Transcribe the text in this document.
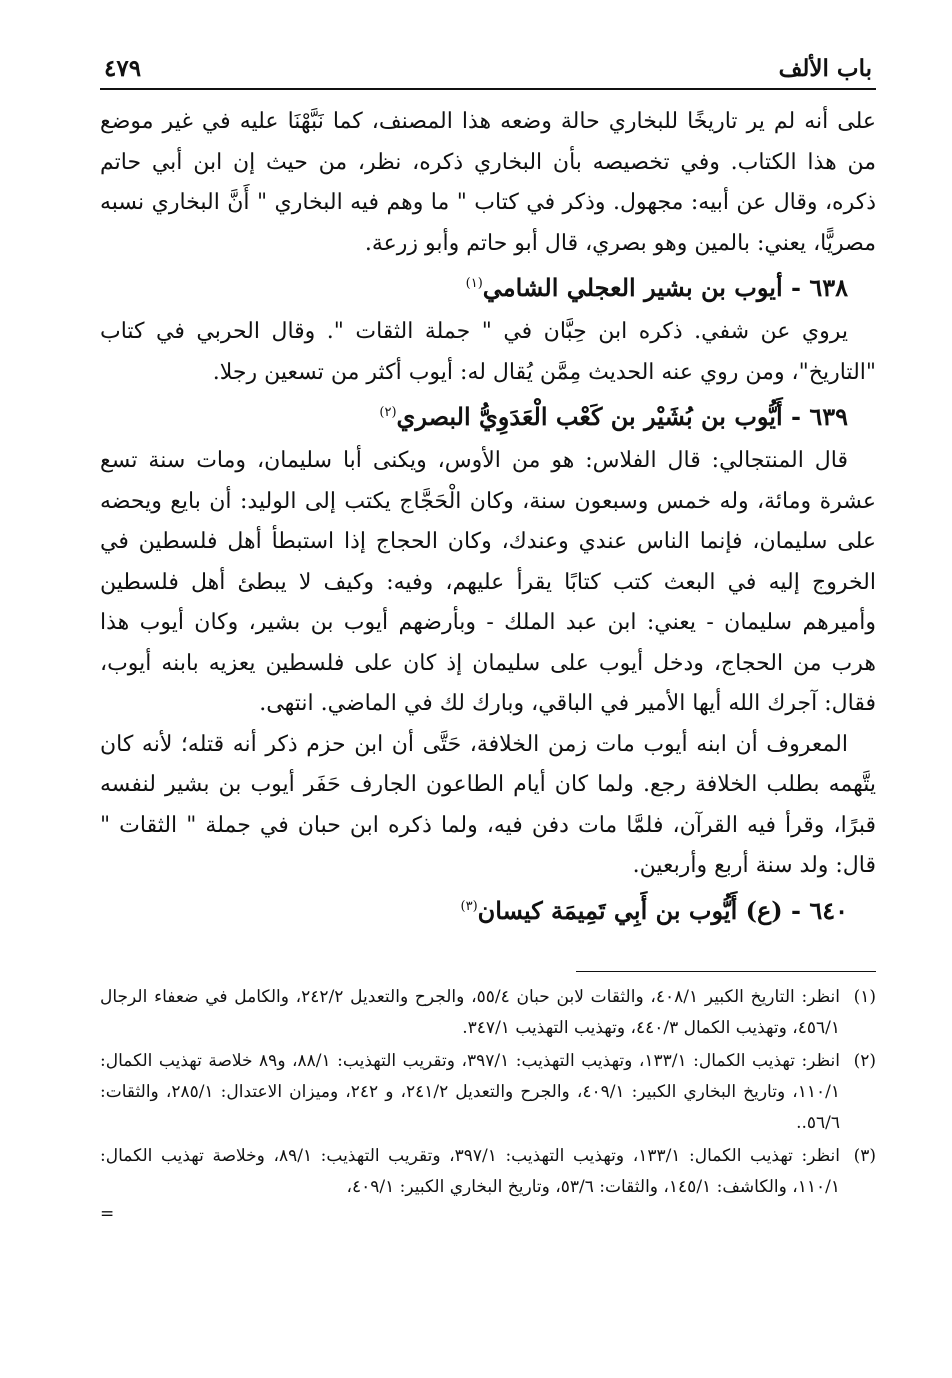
باب الألف
٤٧٩

على أنه لم ير تاريخًا للبخاري حالة وضعه هذا المصنف، كما نَبَّهْنَا عليه في غير موضع من هذا الكتاب. وفي تخصيصه بأن البخاري ذكره، نظر، من حيث إن ابن أبي حاتم ذكره، وقال عن أبيه: مجهول. وذكر في كتاب " ما وهم فيه البخاري " أَنَّ البخاري نسبه مصريًّا، يعني: بالمين وهو بصري، قال أبو حاتم وأبو زرعة.

٦٣٨ - أيوب بن بشير العجلي الشامي$^{(١)}$

يروي عن شفي. ذكره ابن حِبَّان في " جملة الثقات ". وقال الحربي في كتاب "التاريخ"، ومن روي عنه الحديث مِمَّن يُقال له: أيوب أكثر من تسعين رجلا.

٦٣٩ - أَيُّوب بن بُشَيْر بن كَعْب الْعَدَوِيُّ البصري$^{(٢)}$

قال المنتجالي: قال الفلاس: هو من الأوس، ويكنى أبا سليمان، ومات سنة تسع عشرة ومائة، وله خمس وسبعون سنة، وكان الْحَجَّاج يكتب إلى الوليد: أن بايع ويحضه على سليمان، فإنما الناس عندي وعندك، وكان الحجاج إذا استبطأ أهل فلسطين في الخروج إليه في البعث كتب كتابًا يقرأ عليهم، وفيه: وكيف لا يبطئ أهل فلسطين وأميرهم سليمان - يعني: ابن عبد الملك - وبأرضهم أيوب بن بشير، وكان أيوب هذا هرب من الحجاج، ودخل أيوب على سليمان إذ كان على فلسطين يعزيه بابنه أيوب، فقال: آجرك الله أيها الأمير في الباقي، وبارك لك في الماضي. انتهى.

المعروف أن ابنه أيوب مات زمن الخلافة، حَتَّى أن ابن حزم ذكر أنه قتله؛ لأنه كان يتَّهمه بطلب الخلافة رجع. ولما كان أيام الطاعون الجارف حَفَر أيوب بن بشير لنفسه قبرًا، وقرأ فيه القرآن، فلمَّا مات دفن فيه، ولما ذكره ابن حبان في جملة " الثقات " قال: ولد سنة أربع وأربعين.

٦٤٠ - (ع) أَيُّوب بن أَبِي تَمِيمَة كيسان$^{(٣)}$
(١)
انظر: التاريخ الكبير ٤٠٨/١، والثقات لابن حبان ٥٥/٤، والجرح والتعديل ٢٤٢/٢، والكامل في ضعفاء الرجال ٤٥٦/١، وتهذيب الكمال ٤٤٠/٣، وتهذيب التهذيب ٣٤٧/١.
(٢)
انظر: تهذيب الكمال: ١٣٣/١، وتهذيب التهذيب: ٣٩٧/١، وتقريب التهذيب: ٨٨/١، و٨٩ خلاصة تهذيب الكمال: ١١٠/١، وتاريخ البخاري الكبير: ٤٠٩/١، والجرح والتعديل ٢٤١/٢، و ٢٤٢، وميزان الاعتدال: ٢٨٥/١، والثقات: ٥٦/٦..
(٣)
انظر: تهذيب الكمال: ١٣٣/١، وتهذيب التهذيب: ٣٩٧/١، وتقريب التهذيب: ٨٩/١، وخلاصة تهذيب الكمال: ١١٠/١، والكاشف: ١٤٥/١، والثقات: ٥٣/٦، وتاريخ البخاري الكبير: ٤٠٩/١،
=
